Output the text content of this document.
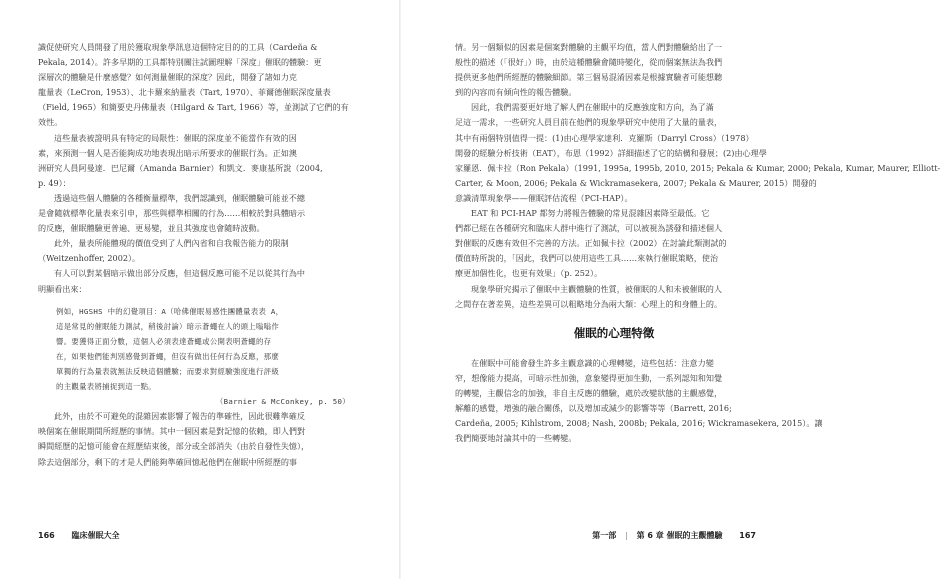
識促使研究人員開發了用於獲取現象學訊息這個特定目的的工具（Cardeña &
Pekala, 2014）。許多早期的工具都特別關注試圖理解「深度」催眠的體驗：更
深層次的體驗是什麼感覺？如何測量催眠的深度？因此，開發了諸如力克
龍量表（LeCron, 1953）、北卡羅來納量表（Tart, 1970）、菲爾德催眠深度量表
（Field, 1965）和簡要史丹佛量表（Hilgard & Tart, 1966）等，並測試了它們的有
效性。
這些量表被證明具有特定的局限性：催眠的深度並不能當作有效的因
素，來預測一個人是否能夠成功地表現出暗示所要求的催眠行為。正如澳
洲研究人員阿曼達．巴尼爾（Amanda Barnier）和凱文．麥康基所說（2004,
p. 49）：
透過這些個人體驗的各種衡量標準，我們認識到，催眠體驗可能並不總
是會隨就標準化量表來引申，那些與標準相關的行為……相較於對具體暗示
的反應，催眠體驗更普遍、更易變，並且其強度也會隨時波動。
此外，量表所能體現的價值受到了人們內省和自我報告能力的限制
（Weitzenhoffer, 2002）。
有人可以對某個暗示做出部分反應，但這個反應可能不足以從其行為中
明顯看出來：
例如，HGSHS 中的幻覺項目：A（哈佛催眠易感性團體量表表 A，
這是常見的催眠能力測試，稍後討論）暗示蒼蠅在人的頭上嗡嗡作
響。要獲得正面分數，這個人必須表達蒼蠅或公開表明蒼蠅的存
在，如果他們能判別感覺到蒼蠅，但沒有做出任何行為反應，那麼
單獨的行為量表就無法反映這個體驗；而要求對經驗強度進行評級
的主觀量表將捕捉到這一點。
（Barnier & McConkey, p. 50）
此外，由於不可避免的混雜因素影響了報告的準確性，因此很難準確反
映個案在催眠期間所經歷的事情。其中一個因素是對記憶的依賴，即人們對
瞬間經歷的記憶可能會在經歷結束後，部分或全部消失（由於自發性失憶），
除去這個部分，剩下的才是人們能夠準確回憶起他們在催眠中所經歷的事
166 臨床催眠大全
情。另一個類似的因素是個案對體驗的主觀平均值，當人們對體驗給出了一
般性的描述（「很好」）時，由於這種體驗會隨時變化，從而個案無法為我們
提供更多他們所經歷的體驗細節。第三個易混淆因素是根據實驗者可能想聽
到的內容而有傾向性的報告體驗。
因此，我們需要更好地了解人們在催眠中的反應強度和方向，為了滿
足這一需求，一些研究人員目前在他們的現象學研究中使用了大量的量表，
其中有兩個特別值得一提：(1)由心理學家達利．克羅斯（Darryl Cross）（1978）
開發的經驗分析技術（EAT），布恩（1992）詳細描述了它的結構和發展；(2)由心理學
家羅恩．佩卡拉（Ron Pekala）（1991, 1995a, 1995b, 2010, 2015; Pekala & Kumar, 2000; Pekala, Kumar, Maurer, Elliott-
Carter, & Moon, 2006; Pekala & Wickramasekera, 2007; Pekala & Maurer, 2015）開發的
意識清單現象學——催眠評估流程（PCI-HAP）。
EAT 和 PCI-HAP 都努力將報告體驗的常見混雜因素降至最低。它
們都已經在各種研究和臨床人群中進行了測試，可以被視為誘發和描述個人
對催眠的反應有效但不完善的方法。正如佩卡拉（2002）在討論此類測試的
價值時所說的，「因此，我們可以使用這些工具……來執行催眠策略，使治
療更加個性化，也更有效果」（p. 252）。
現象學研究揭示了催眠中主觀體驗的性質，被催眠的人和未被催眠的人
之間存在著差異，這些差異可以粗略地分為兩大類：心理上的和身體上的。
催眠的心理特徵
在催眠中可能會發生許多主觀意識的心理轉變，這些包括：注意力變
窄，想像能力提高，可暗示性加強，意象變得更加生動，一系列認知和知覺
的轉變，主觀信念的加強，非自主反應的體驗，處於改變狀態的主觀感覺，
解離的感覺，增強的融合關係，以及增加或減少的影響等等（Barrett, 2016;
Cardeña, 2005; Kihlstrom, 2008; Nash, 2008b; Pekala, 2016; Wickramasekera, 2015）。讓
我們簡要地討論其中的一些轉變。
第一部 | 第 6 章 催眠的主觀體驗 167
